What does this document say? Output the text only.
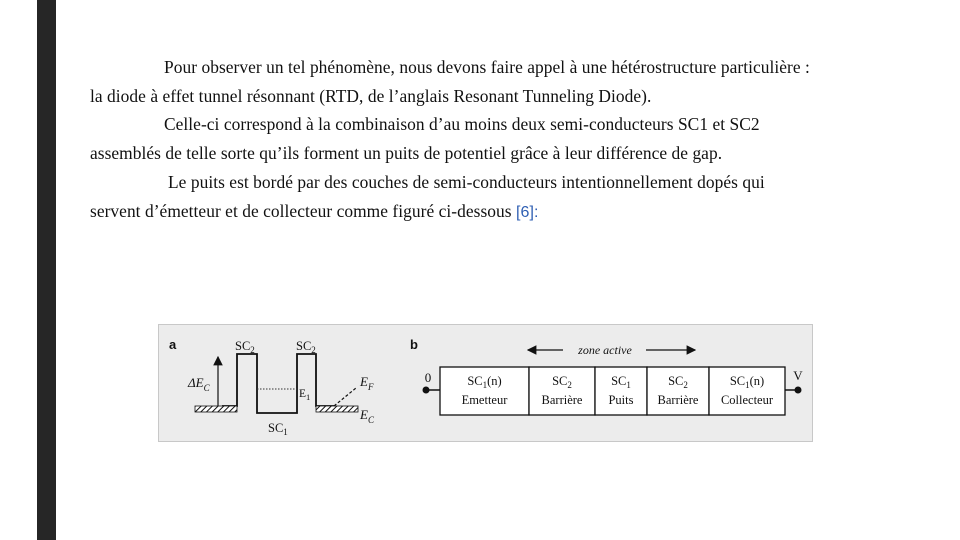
Pour observer un tel phénomène, nous devons faire appel à une hétérostructure particulière :

la diode à effet tunnel résonnant (RTD, de l’anglais Resonant Tunneling Diode).

Celle-ci correspond à la combinaison d’au moins deux semi-conducteurs SC1 et SC2

assemblés de telle sorte qu’ils forment un puits de potentiel grâce à leur différence de gap.

Le puits est bordé par des couches de semi-conducteurs intentionnellement dopés qui

servent d’émetteur et de collecteur comme figuré ci-dessous [6]:

a	$SC_2$	$SC_2$
$SC_1$
$E_1$
$\Delta E_C$	$E_F$
$E_C$
b	zone active
0	V
$SC_1(n)$
Emetteur
$SC_2$
Barrière
$SC_1$
Puits
$SC_2$
Barrière
$SC_1(n)$
Collecteur
